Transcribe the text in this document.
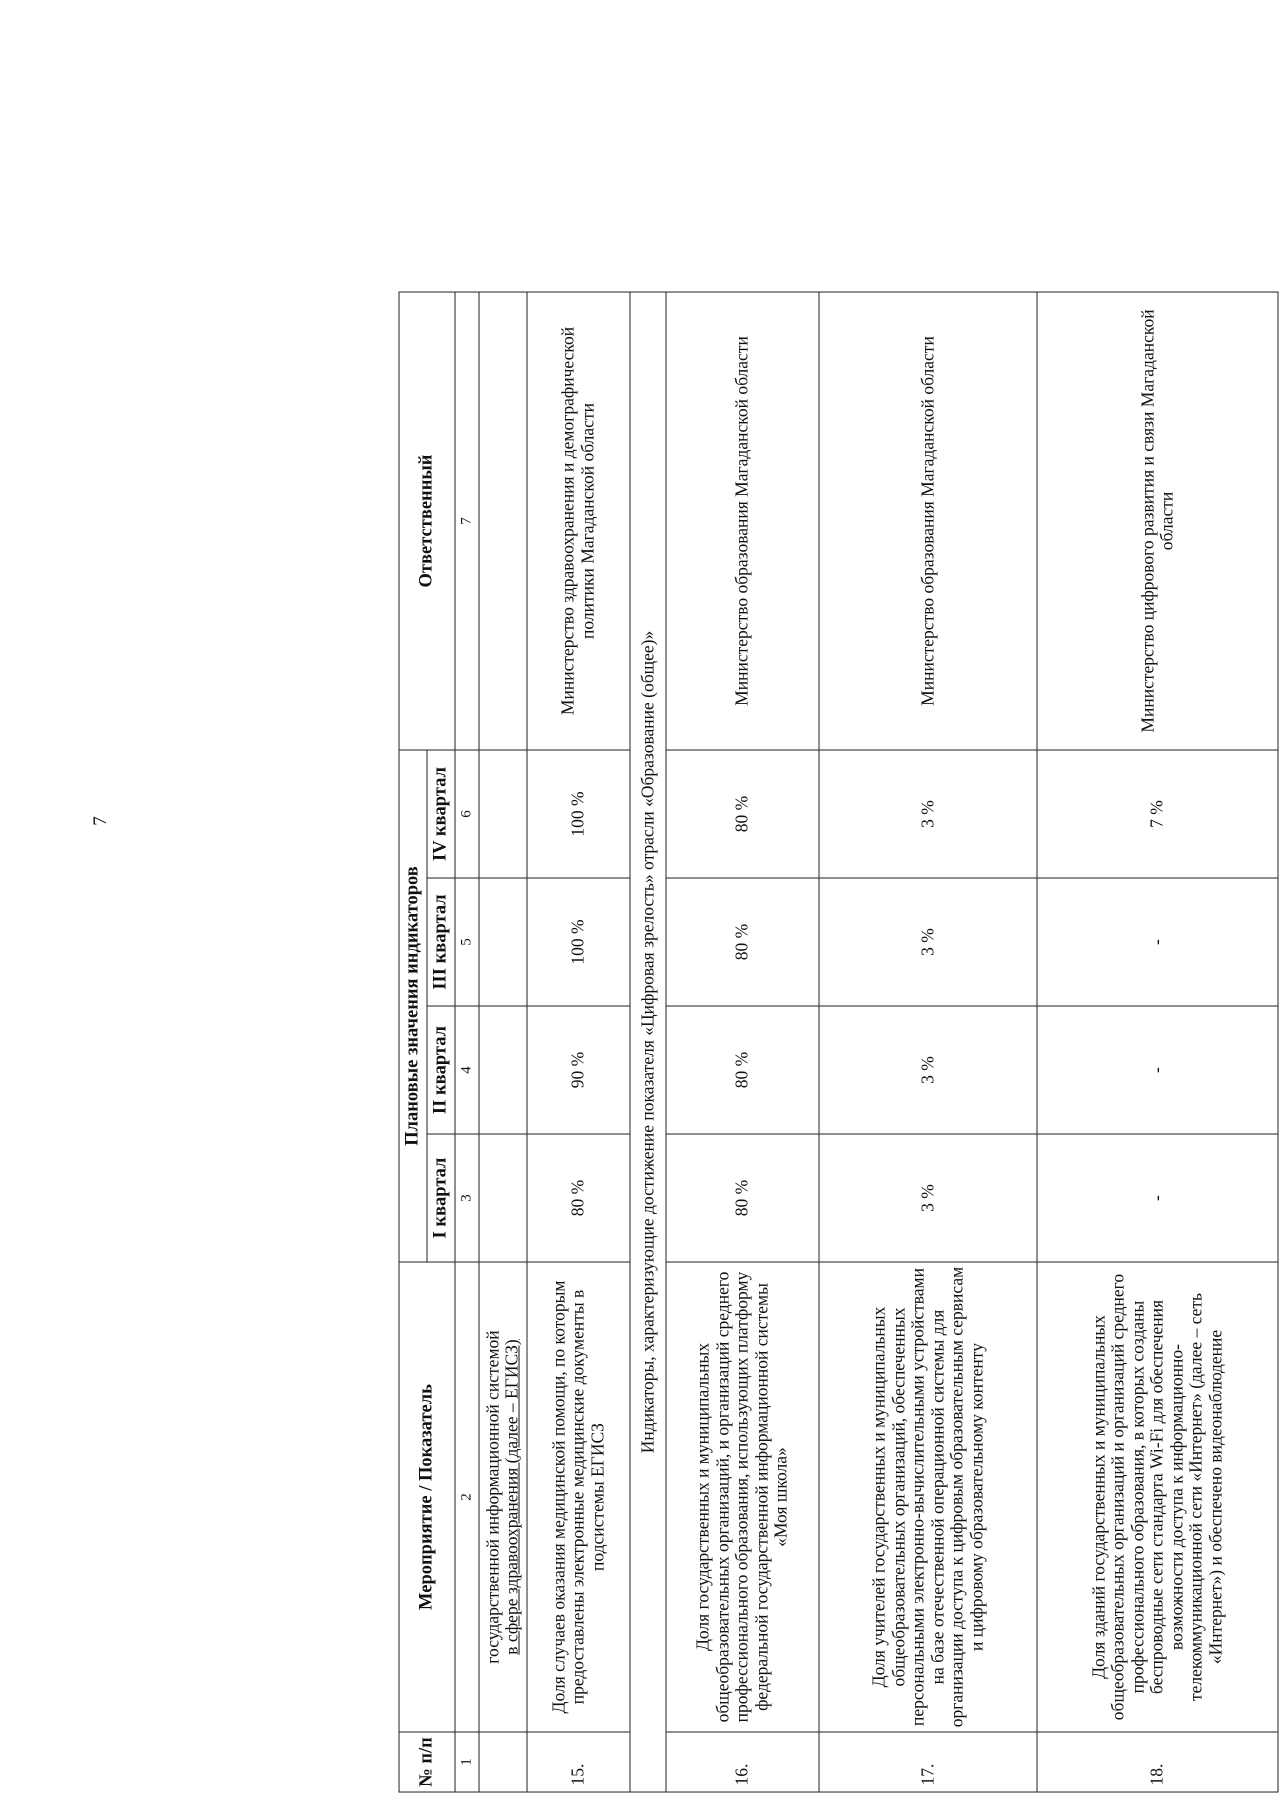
7
№ п/п	Мероприятие / Показатель	Плановые значения индикаторов				Ответственный
		I квартал	II квартал	III квартал	IV квартал	
1	2	3	4	5	6	7
	государственной информационной системой
в сфере здравоохранения (далее – ЕГИСЗ)					
15.	Доля случаев оказания медицинской помощи, по которым предоставлены электронные медицинские документы в подсистемы ЕГИСЗ	80 %	90 %	100 %	100 %	Министерство здравоохранения и демографической политики Магаданской области
Индикаторы, характеризующие достижение показателя «Цифровая зрелость» отрасли «Образование (общее)»						
16.	Доля государственных и муниципальных общеобразовательных организаций, и организаций среднего профессионального образования, использующих платформу федеральной государственной информационной системы «Моя школа»	80 %	80 %	80 %	80 %	Министерство образования Магаданской области
17.	Доля учителей государственных и муниципальных общеобразовательных организаций, обеспеченных персональными электронно-вычислительными устройствами на базе отечественной операционной системы для организации доступа к цифровым образовательным сервисам и цифровому образовательному контенту	3 %	3 %	3 %	3 %	Министерство образования Магаданской области
18.	Доля зданий государственных и муниципальных общеобразовательных организаций и организаций среднего профессионального образования, в которых созданы беспроводные сети стандарта Wi-Fi для обеспечения возможности доступа к информационно-телекоммуникационной сети «Интернет» (далее – сеть «Интернет») и обеспечено видеонаблюдение	-	-	-	7 %	Министерство цифрового развития и связи Магаданской области
